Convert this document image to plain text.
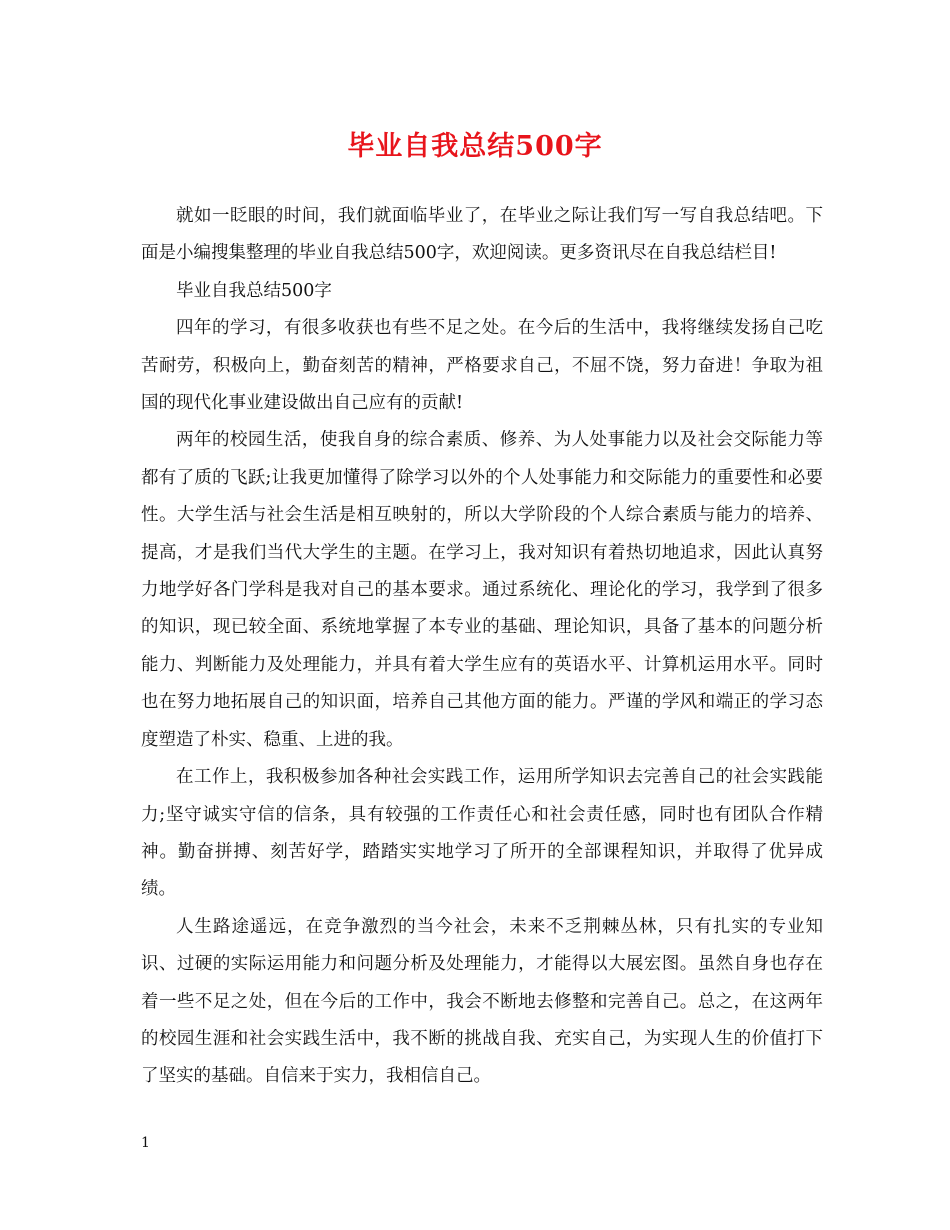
毕业自我总结500字

就如一眨眼的时间，我们就面临毕业了，在毕业之际让我们写一写自我总结吧。下面是小编搜集整理的毕业自我总结500字，欢迎阅读。更多资讯尽在自我总结栏目!

毕业自我总结500字

四年的学习，有很多收获也有些不足之处。在今后的生活中，我将继续发扬自己吃苦耐劳，积极向上，勤奋刻苦的精神，严格要求自己，不屈不饶，努力奋进！争取为祖国的现代化事业建设做出自己应有的贡献!

两年的校园生活，使我自身的综合素质、修养、为人处事能力以及社会交际能力等都有了质的飞跃;让我更加懂得了除学习以外的个人处事能力和交际能力的重要性和必要性。大学生活与社会生活是相互映射的，所以大学阶段的个人综合素质与能力的培养、提高，才是我们当代大学生的主题。在学习上，我对知识有着热切地追求，因此认真努力地学好各门学科是我对自己的基本要求。通过系统化、理论化的学习，我学到了很多的知识，现已较全面、系统地掌握了本专业的基础、理论知识，具备了基本的问题分析能力、判断能力及处理能力，并具有着大学生应有的英语水平、计算机运用水平。同时也在努力地拓展自己的知识面，培养自己其他方面的能力。严谨的学风和端正的学习态度塑造了朴实、稳重、上进的我。

在工作上，我积极参加各种社会实践工作，运用所学知识去完善自己的社会实践能力;坚守诚实守信的信条，具有较强的工作责任心和社会责任感，同时也有团队合作精神。勤奋拼搏、刻苦好学，踏踏实实地学习了所开的全部课程知识，并取得了优异成绩。

人生路途遥远，在竞争激烈的当今社会，未来不乏荆棘丛林，只有扎实的专业知识、过硬的实际运用能力和问题分析及处理能力，才能得以大展宏图。虽然自身也存在着一些不足之处，但在今后的工作中，我会不断地去修整和完善自己。总之，在这两年的校园生涯和社会实践生活中，我不断的挑战自我、充实自己，为实现人生的价值打下了坚实的基础。自信来于实力，我相信自己。

1
